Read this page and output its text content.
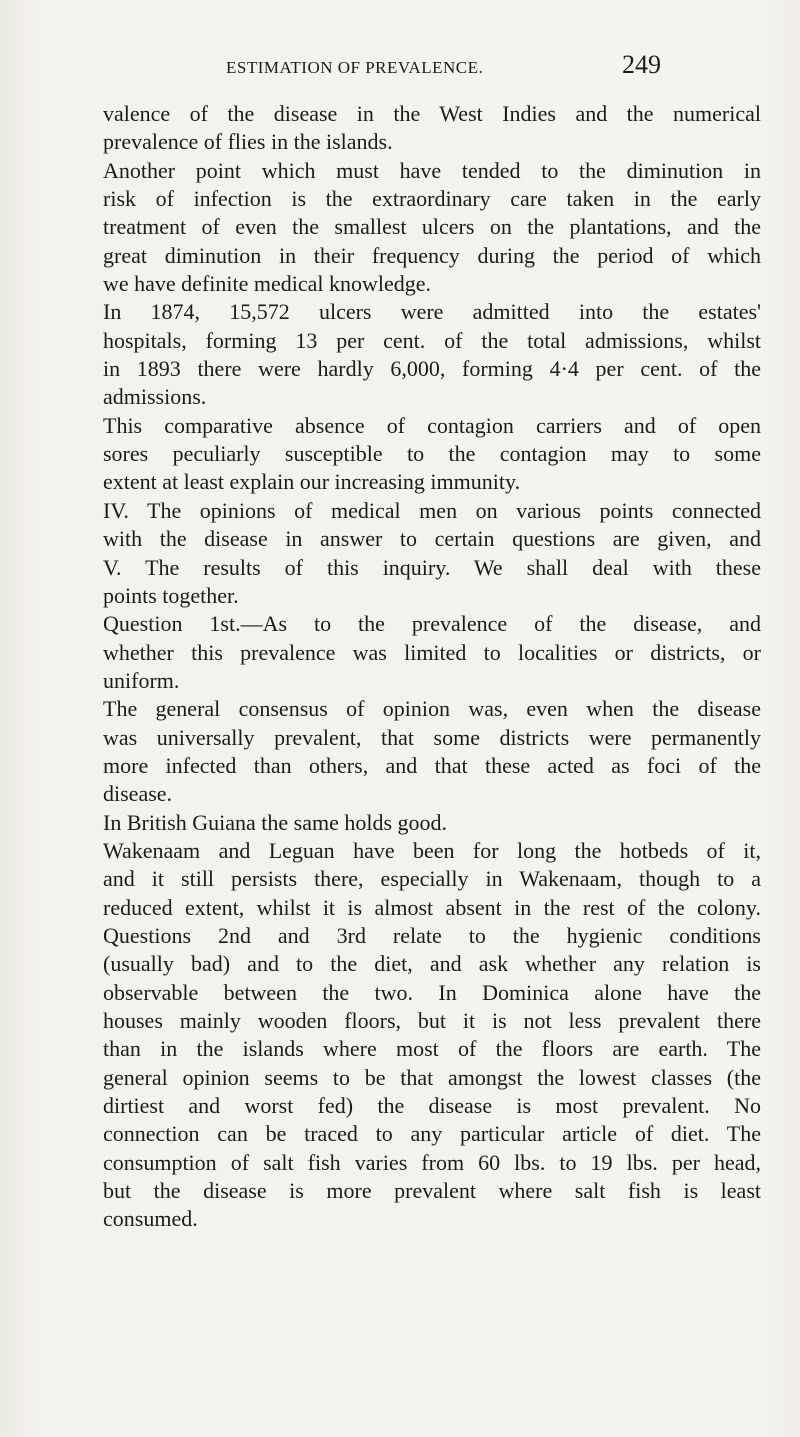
ESTIMATION OF PREVALENCE.	249
valence of the disease in the West Indies and the numerical
prevalence of flies in the islands.
Another point which must have tended to the diminution in
risk of infection is the extraordinary care taken in the early
treatment of even the smallest ulcers on the plantations, and the
great diminution in their frequency during the period of which
we have definite medical knowledge.
In 1874, 15,572 ulcers were admitted into the estates'
hospitals, forming 13 per cent. of the total admissions, whilst
in 1893 there were hardly 6,000, forming 4·4 per cent. of the
admissions.
This comparative absence of contagion carriers and of open
sores peculiarly susceptible to the contagion may to some
extent at least explain our increasing immunity.
IV. The opinions of medical men on various points connected
with the disease in answer to certain questions are given, and
V. The results of this inquiry. We shall deal with these
points together.
Question 1st.—As to the prevalence of the disease, and
whether this prevalence was limited to localities or districts, or
uniform.
The general consensus of opinion was, even when the disease
was universally prevalent, that some districts were permanently
more infected than others, and that these acted as foci of the
disease.
In British Guiana the same holds good.
Wakenaam and Leguan have been for long the hotbeds of it,
and it still persists there, especially in Wakenaam, though to a
reduced extent, whilst it is almost absent in the rest of the colony.
Questions 2nd and 3rd relate to the hygienic conditions
(usually bad) and to the diet, and ask whether any relation is
observable between the two. In Dominica alone have the
houses mainly wooden floors, but it is not less prevalent there
than in the islands where most of the floors are earth. The
general opinion seems to be that amongst the lowest classes (the
dirtiest and worst fed) the disease is most prevalent. No
connection can be traced to any particular article of diet. The
consumption of salt fish varies from 60 lbs. to 19 lbs. per head,
but the disease is more prevalent where salt fish is least
consumed.
